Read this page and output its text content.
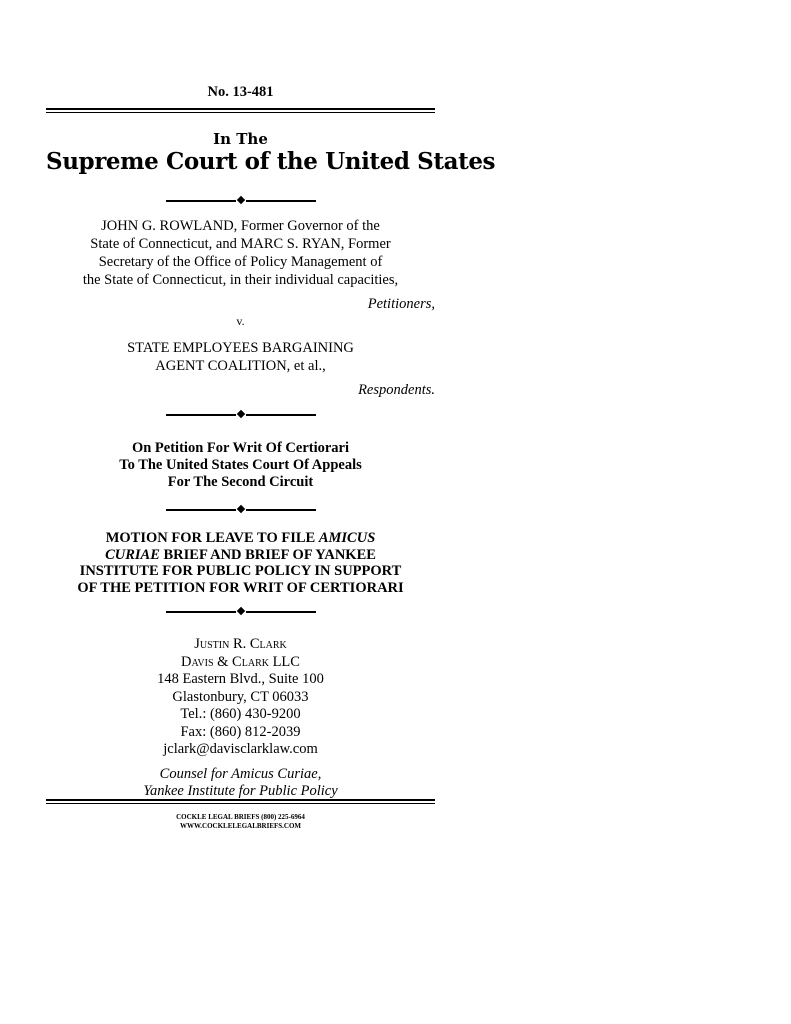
No. 13-481
In The
Supreme Court of the United States
JOHN G. ROWLAND, Former Governor of the
State of Connecticut, and MARC S. RYAN, Former
Secretary of the Office of Policy Management of
the State of Connecticut, in their individual capacities,
Petitioners,
v.
STATE EMPLOYEES BARGAINING
AGENT COALITION, et al.,
Respondents.
On Petition For Writ Of Certiorari
To The United States Court Of Appeals
For The Second Circuit
MOTION FOR LEAVE TO FILE AMICUS
CURIAE BRIEF AND BRIEF OF YANKEE
INSTITUTE FOR PUBLIC POLICY IN SUPPORT
OF THE PETITION FOR WRIT OF CERTIORARI
Justin R. Clark
Davis & Clark LLC
148 Eastern Blvd., Suite 100
Glastonbury, CT 06033
Tel.: (860) 430-9200
Fax: (860) 812-2039
jclark@davisclarklaw.com
Counsel for Amicus Curiae,
Yankee Institute for Public Policy
COCKLE LEGAL BRIEFS (800) 225-6964
WWW.COCKLELEGALBRIEFS.COM
